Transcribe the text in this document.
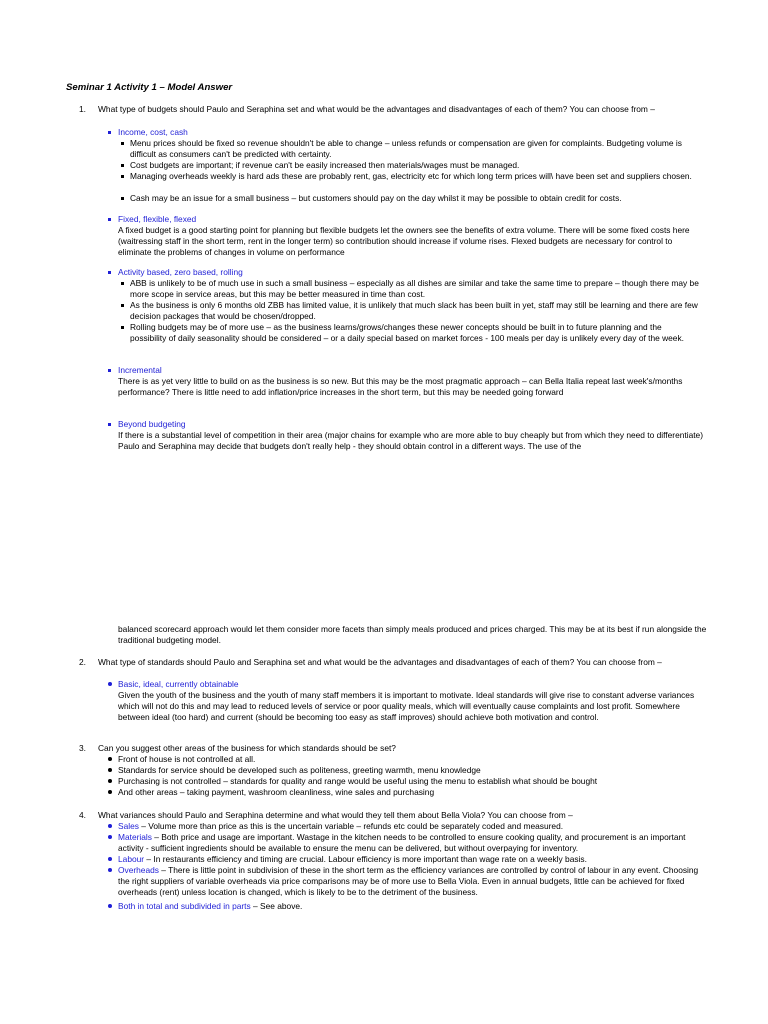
Seminar 1 Activity 1 – Model Answer
1. What type of budgets should Paulo and Seraphina set and what would be the advantages and disadvantages of each of them? You can choose from –
Income, cost, cash
Menu prices should be fixed so revenue shouldn't be able to change – unless refunds or compensation are given for complaints. Budgeting volume is difficult as consumers can't be predicted with certainty.
Cost budgets are important; if revenue can't be easily increased then materials/wages must be managed.
Managing overheads weekly is hard ads these are probably rent, gas, electricity etc for which long term prices will\ have been set and suppliers chosen.
Cash may be an issue for a small business – but customers should pay on the day whilst it may be possible to obtain credit for costs.
Fixed, flexible, flexed
A fixed budget is a good starting point for planning but flexible budgets let the owners see the benefits of extra volume. There will be some fixed costs here (waitressing staff in the short term, rent in the longer term) so contribution should increase if volume rises. Flexed budgets are necessary for control to eliminate the problems of changes in volume on performance
Activity based, zero based, rolling
ABB is unlikely to be of much use in such a small business – especially as all dishes are similar and take the same time to prepare – though there may be more scope in service areas, but this may be better measured in time than cost.
As the business is only 6 months old ZBB has limited value, it is unlikely that much slack has been built in yet, staff may still be learning and there are few decision packages that would be chosen/dropped.
Rolling budgets may be of more use – as the business learns/grows/changes these newer concepts should be built in to future planning and the possibility of daily seasonality should be considered – or a daily special based on market forces - 100 meals per day is unlikely every day of the week.
Incremental
There is as yet very little to build on as the business is so new. But this may be the most pragmatic approach – can Bella Italia repeat last week's/months performance? There is little need to add inflation/price increases in the short term, but this may be needed going forward
Beyond budgeting
If there is a substantial level of competition in their area (major chains for example who are more able to buy cheaply but from which they need to differentiate) Paulo and Seraphina may decide that budgets don't really help - they should obtain control in a different ways. The use of the
balanced scorecard approach would let them consider more facets than simply meals produced and prices charged. This may be at its best if run alongside the traditional budgeting model.
2. What type of standards should Paulo and Seraphina set and what would be the advantages and disadvantages of each of them? You can choose from –
Basic, ideal, currently obtainable
Given the youth of the business and the youth of many staff members it is important to motivate. Ideal standards will give rise to constant adverse variances which will not do this and may lead to reduced levels of service or poor quality meals, which will eventually cause complaints and lost profit. Somewhere between ideal (too hard) and current (should be becoming too easy as staff improves) should achieve both motivation and control.
3. Can you suggest other areas of the business for which standards should be set?
Front of house is not controlled at all.
Standards for service should be developed such as politeness, greeting warmth, menu knowledge
Purchasing is not controlled – standards for quality and range would be useful using the menu to establish what should be bought
And other areas – taking payment, washroom cleanliness, wine sales and purchasing
4. What variances should Paulo and Seraphina determine and what would they tell them about Bella Viola? You can choose from –
Sales – Volume more than price as this is the uncertain variable – refunds etc could be separately coded and measured.
Materials – Both price and usage are important. Wastage in the kitchen needs to be controlled to ensure cooking quality, and procurement is an important activity - sufficient ingredients should be available to ensure the menu can be delivered, but without overpaying for inventory.
Labour – In restaurants efficiency and timing are crucial. Labour efficiency is more important than wage rate on a weekly basis.
Overheads – There is little point in subdivision of these in the short term as the efficiency variances are controlled by control of labour in any event. Choosing the right suppliers of variable overheads via price comparisons may be of more use to Bella Viola. Even in annual budgets, little can be achieved for fixed overheads (rent) unless location is changed, which is likely to be to the detriment of the business.
Both in total and subdivided in parts – See above.
